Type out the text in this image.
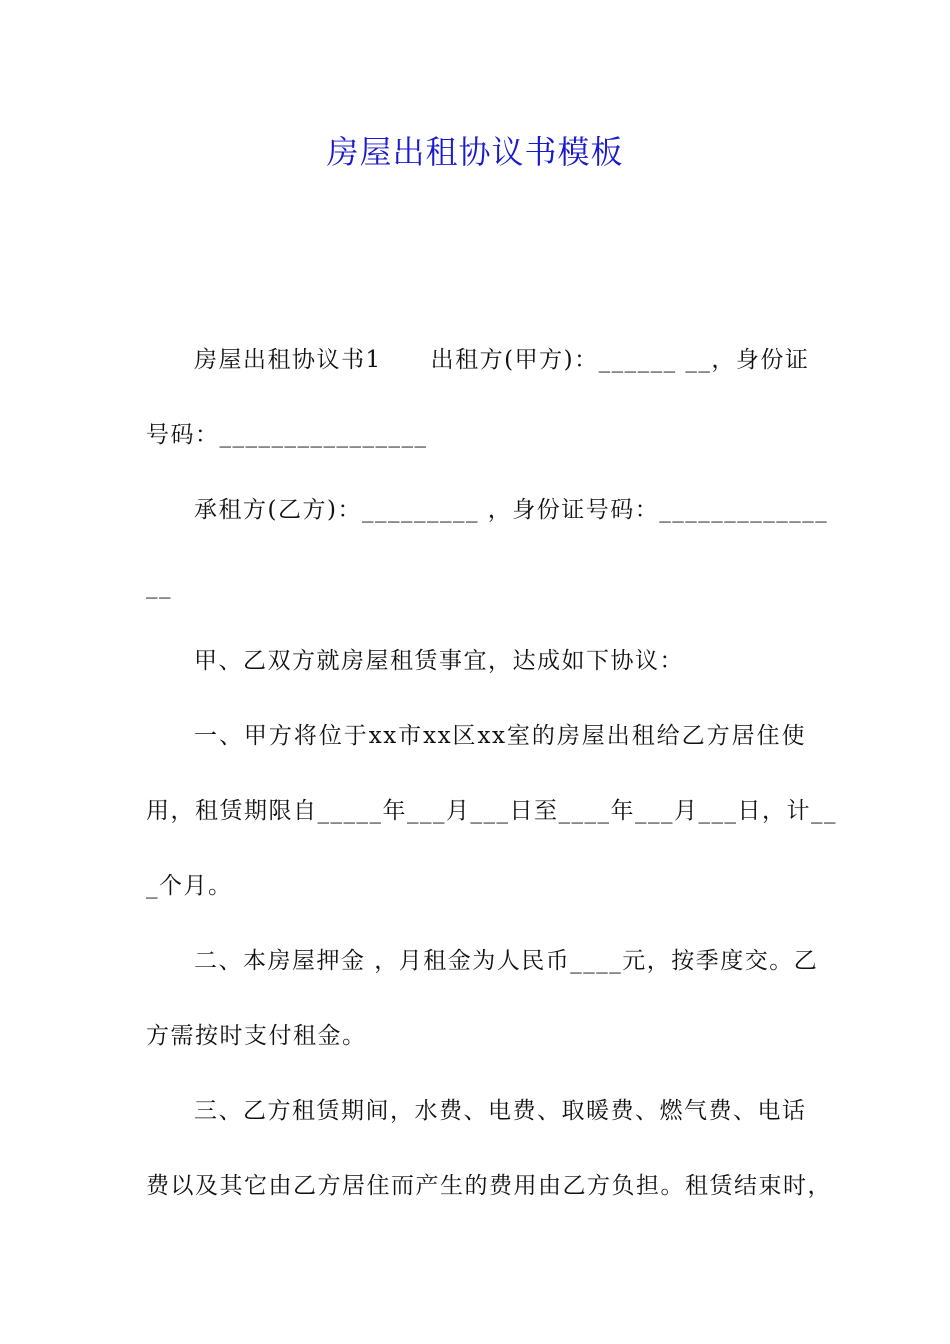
房屋出租协议书模板
房屋出租协议书1　　出租方(甲方)：______ __，身份证
号码：________________
承租方(乙方)：_________ ，身份证号码：_____________
__
甲、乙双方就房屋租赁事宜，达成如下协议：
一、甲方将位于xx市xx区xx室的房屋出租给乙方居住使
用，租赁期限自_____年___月___日至____年___月___日，计__
_个月。
二、本房屋押金 ，月租金为人民币____元，按季度交。乙
方需按时支付租金。
三、乙方租赁期间，水费、电费、取暖费、燃气费、电话
费以及其它由乙方居住而产生的费用由乙方负担。租赁结束时，
